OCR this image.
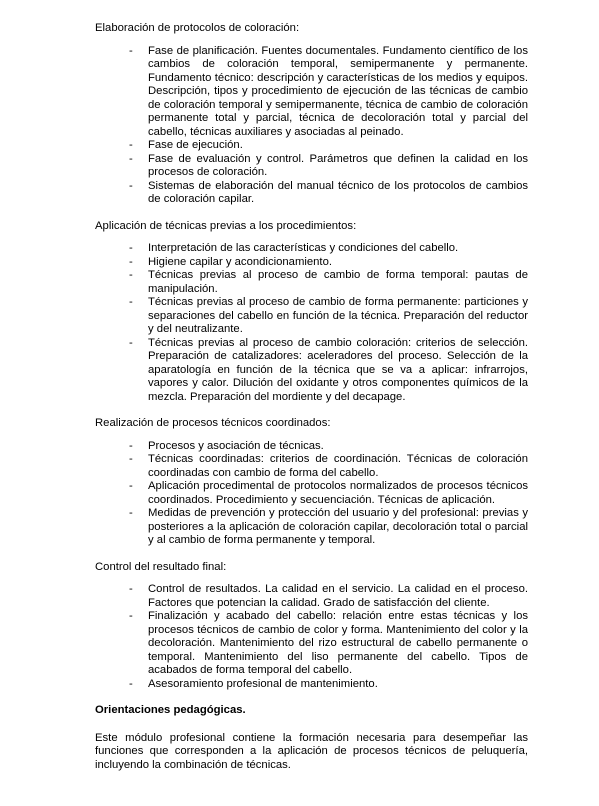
Elaboración de protocolos de coloración:
- Fase de planificación. Fuentes documentales. Fundamento científico de los cambios de coloración temporal, semipermanente y permanente. Fundamento técnico: descripción y características de los medios y equipos. Descripción, tipos y procedimiento de ejecución de las técnicas de cambio de coloración temporal y semipermanente, técnica de cambio de coloración permanente total y parcial, técnica de decoloración total y parcial del cabello, técnicas auxiliares y asociadas al peinado.
- Fase de ejecución.
- Fase de evaluación y control. Parámetros que definen la calidad en los procesos de coloración.
- Sistemas de elaboración del manual técnico de los protocolos de cambios de coloración capilar.
Aplicación de técnicas previas a los procedimientos:
- Interpretación de las características y condiciones del cabello.
- Higiene capilar y acondicionamiento.
- Técnicas previas al proceso de cambio de forma temporal: pautas de manipulación.
- Técnicas previas al proceso de cambio de forma permanente: particiones y separaciones del cabello en función de la técnica. Preparación del reductor y del neutralizante.
- Técnicas previas al proceso de cambio coloración: criterios de selección. Preparación de catalizadores: aceleradores del proceso. Selección de la aparatología en función de la técnica que se va a aplicar: infrarrojos, vapores y calor. Dilución del oxidante y otros componentes químicos de la mezcla. Preparación del mordiente y del decapage.
Realización de procesos técnicos coordinados:
- Procesos y asociación de técnicas.
- Técnicas coordinadas: criterios de coordinación. Técnicas de coloración coordinadas con cambio de forma del cabello.
- Aplicación procedimental de protocolos normalizados de procesos técnicos coordinados. Procedimiento y secuenciación. Técnicas de aplicación.
- Medidas de prevención y protección del usuario y del profesional: previas y posteriores a la aplicación de coloración capilar, decoloración total o parcial y al cambio de forma permanente y temporal.
Control del resultado final:
- Control de resultados. La calidad en el servicio. La calidad en el proceso. Factores que potencian la calidad. Grado de satisfacción del cliente.
- Finalización y acabado del cabello: relación entre estas técnicas y los procesos técnicos de cambio de color y forma. Mantenimiento del color y la decoloración. Mantenimiento del rizo estructural de cabello permanente o temporal. Mantenimiento del liso permanente del cabello. Tipos de acabados de forma temporal del cabello.
- Asesoramiento profesional de mantenimiento.
Orientaciones pedagógicas.

Este módulo profesional contiene la formación necesaria para desempeñar las funciones que corresponden a la aplicación de procesos técnicos de peluquería, incluyendo la combinación de técnicas.
